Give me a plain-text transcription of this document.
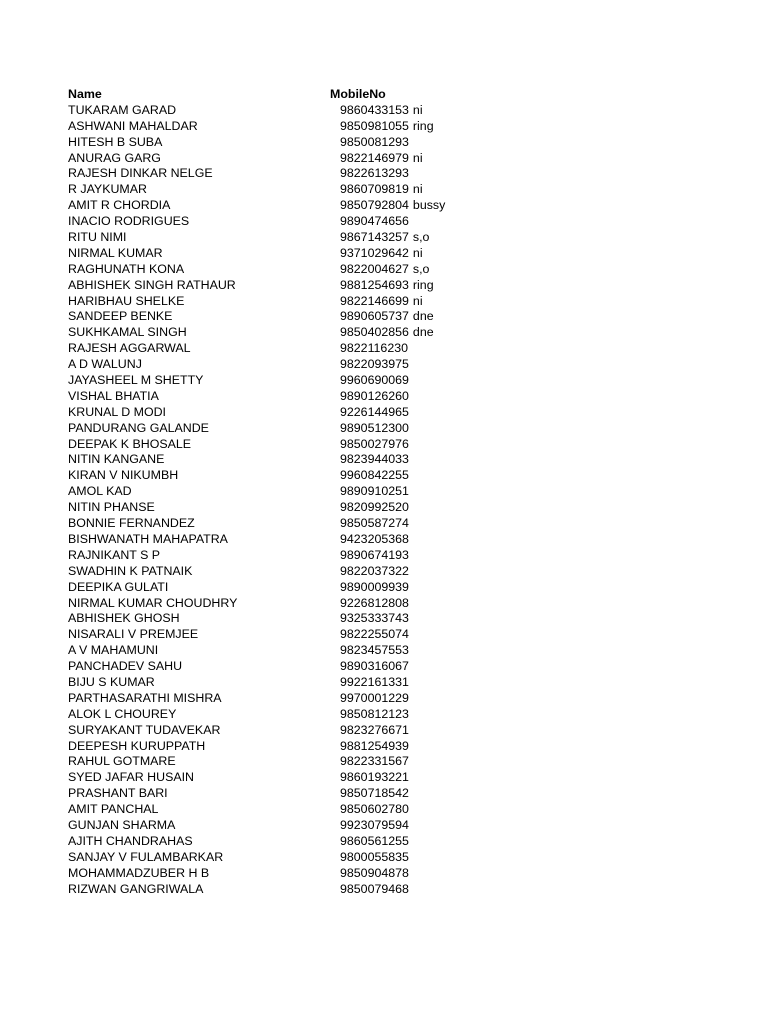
Name	MobileNo
TUKARAM GARAD	9860433153 ni
ASHWANI MAHALDAR	9850981055 ring
HITESH B SUBA	9850081293
ANURAG GARG	9822146979 ni
RAJESH DINKAR NELGE	9822613293
R JAYKUMAR	9860709819 ni
AMIT R CHORDIA	9850792804 bussy
INACIO RODRIGUES	9890474656
RITU NIMI	9867143257 s,o
NIRMAL KUMAR	9371029642 ni
RAGHUNATH KONA	9822004627 s,o
ABHISHEK SINGH RATHAUR	9881254693 ring
HARIBHAU SHELKE	9822146699 ni
SANDEEP BENKE	9890605737 dne
SUKHKAMAL SINGH	9850402856 dne
RAJESH AGGARWAL	9822116230
A D WALUNJ	9822093975
JAYASHEEL M SHETTY	9960690069
VISHAL BHATIA	9890126260
KRUNAL D MODI	9226144965
PANDURANG GALANDE	9890512300
DEEPAK K BHOSALE	9850027976
NITIN KANGANE	9823944033
KIRAN V NIKUMBH	9960842255
AMOL KAD	9890910251
NITIN PHANSE	9820992520
BONNIE FERNANDEZ	9850587274
BISHWANATH MAHAPATRA	9423205368
RAJNIKANT S P	9890674193
SWADHIN K PATNAIK	9822037322
DEEPIKA GULATI	9890009939
NIRMAL KUMAR CHOUDHRY	9226812808
ABHISHEK GHOSH	9325333743
NISARALI V PREMJEE	9822255074
A V MAHAMUNI	9823457553
PANCHADEV SAHU	9890316067
BIJU S KUMAR	9922161331
PARTHASARATHI MISHRA	9970001229
ALOK L CHOUREY	9850812123
SURYAKANT TUDAVEKAR	9823276671
DEEPESH KURUPPATH	9881254939
RAHUL GOTMARE	9822331567
SYED JAFAR HUSAIN	9860193221
PRASHANT BARI	9850718542
AMIT PANCHAL	9850602780
GUNJAN SHARMA	9923079594
AJITH CHANDRAHAS	9860561255
SANJAY V FULAMBARKAR	9800055835
MOHAMMADZUBER H B	9850904878
RIZWAN GANGRIWALA	9850079468
